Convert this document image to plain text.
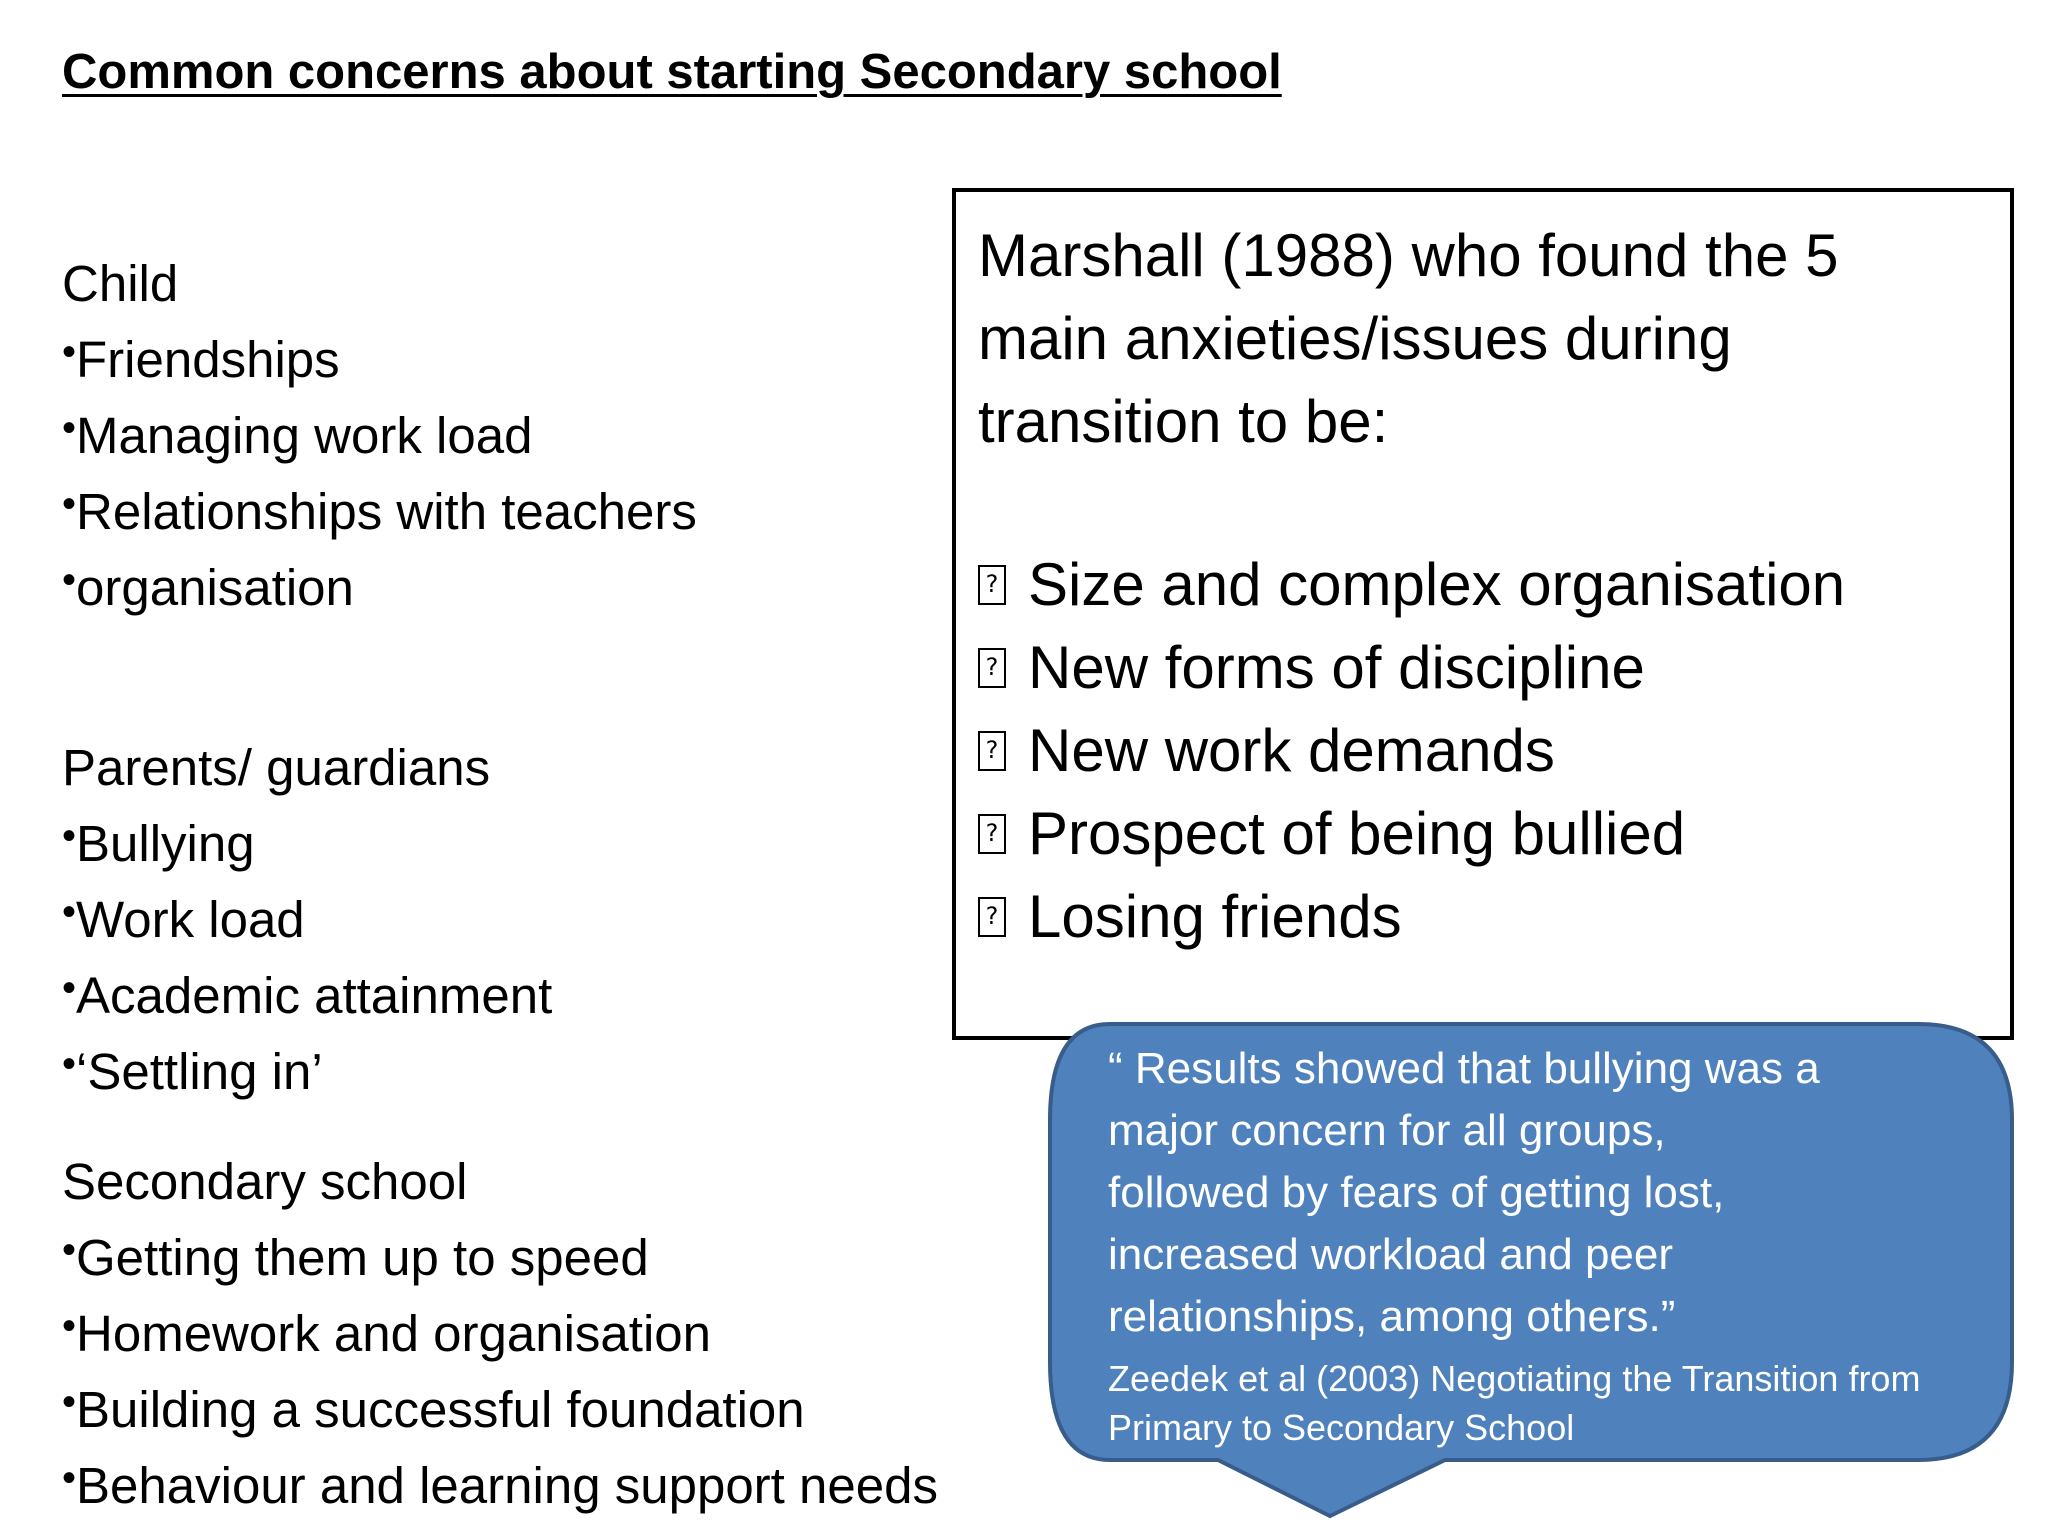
Common concerns about starting Secondary school
Child
•Friendships
•Managing work load
•Relationships with teachers
•organisation
Parents/ guardians
•Bullying
•Work load
•Academic attainment
•‘Settling in’
Secondary school
•Getting them up to speed
•Homework and organisation
•Building a successful foundation
•Behaviour and learning support needs
Marshall (1988) who found the 5 main anxieties/issues during transition to be:
? Size and complex organisation
? New forms of discipline
? New work demands
? Prospect of being bullied
? Losing friends
“ Results showed that bullying was a
major concern for all groups,
followed by fears of getting lost,
increased workload and peer
relationships, among others.”
Zeedek et al (2003) Negotiating the Transition from
Primary to Secondary School
